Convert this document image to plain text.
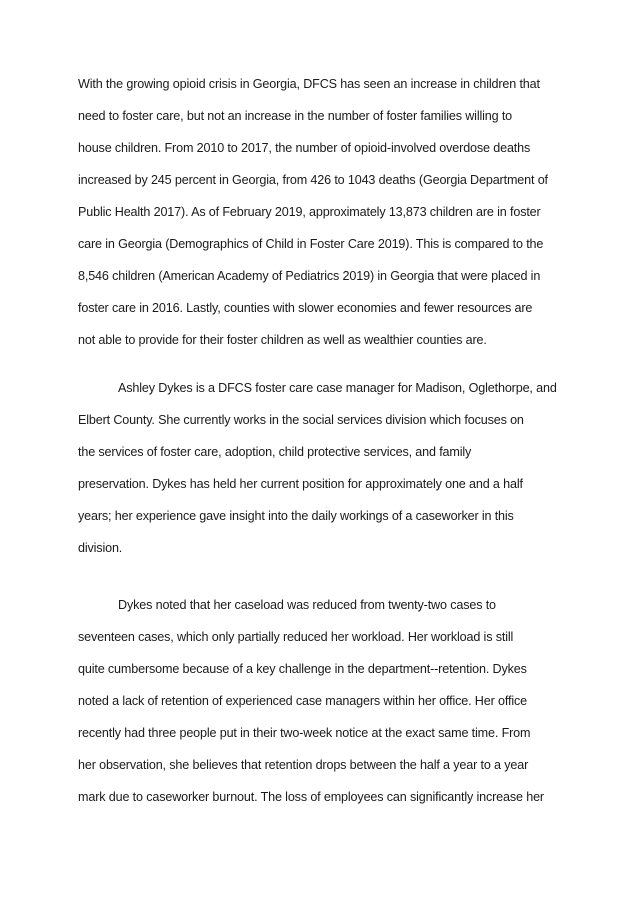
With the growing opioid crisis in Georgia, DFCS has seen an increase in children that
need to foster care, but not an increase in the number of foster families willing to
house children. From 2010 to 2017, the number of opioid-involved overdose deaths
increased by 245 percent in Georgia, from 426 to 1043 deaths (Georgia Department of
Public Health 2017). As of February 2019, approximately 13,873 children are in foster
care in Georgia (Demographics of Child in Foster Care 2019). This is compared to the
8,546 children (American Academy of Pediatrics 2019) in Georgia that were placed in
foster care in 2016. Lastly, counties with slower economies and fewer resources are
not able to provide for their foster children as well as wealthier counties are.
Ashley Dykes is a DFCS foster care case manager for Madison, Oglethorpe, and
Elbert County. She currently works in the social services division which focuses on
the services of foster care, adoption, child protective services, and family
preservation. Dykes has held her current position for approximately one and a half
years; her experience gave insight into the daily workings of a caseworker in this
division.
Dykes noted that her caseload was reduced from twenty-two cases to
seventeen cases, which only partially reduced her workload. Her workload is still
quite cumbersome because of a key challenge in the department--retention. Dykes
noted a lack of retention of experienced case managers within her office. Her office
recently had three people put in their two-week notice at the exact same time. From
her observation, she believes that retention drops between the half a year to a year
mark due to caseworker burnout. The loss of employees can significantly increase her
